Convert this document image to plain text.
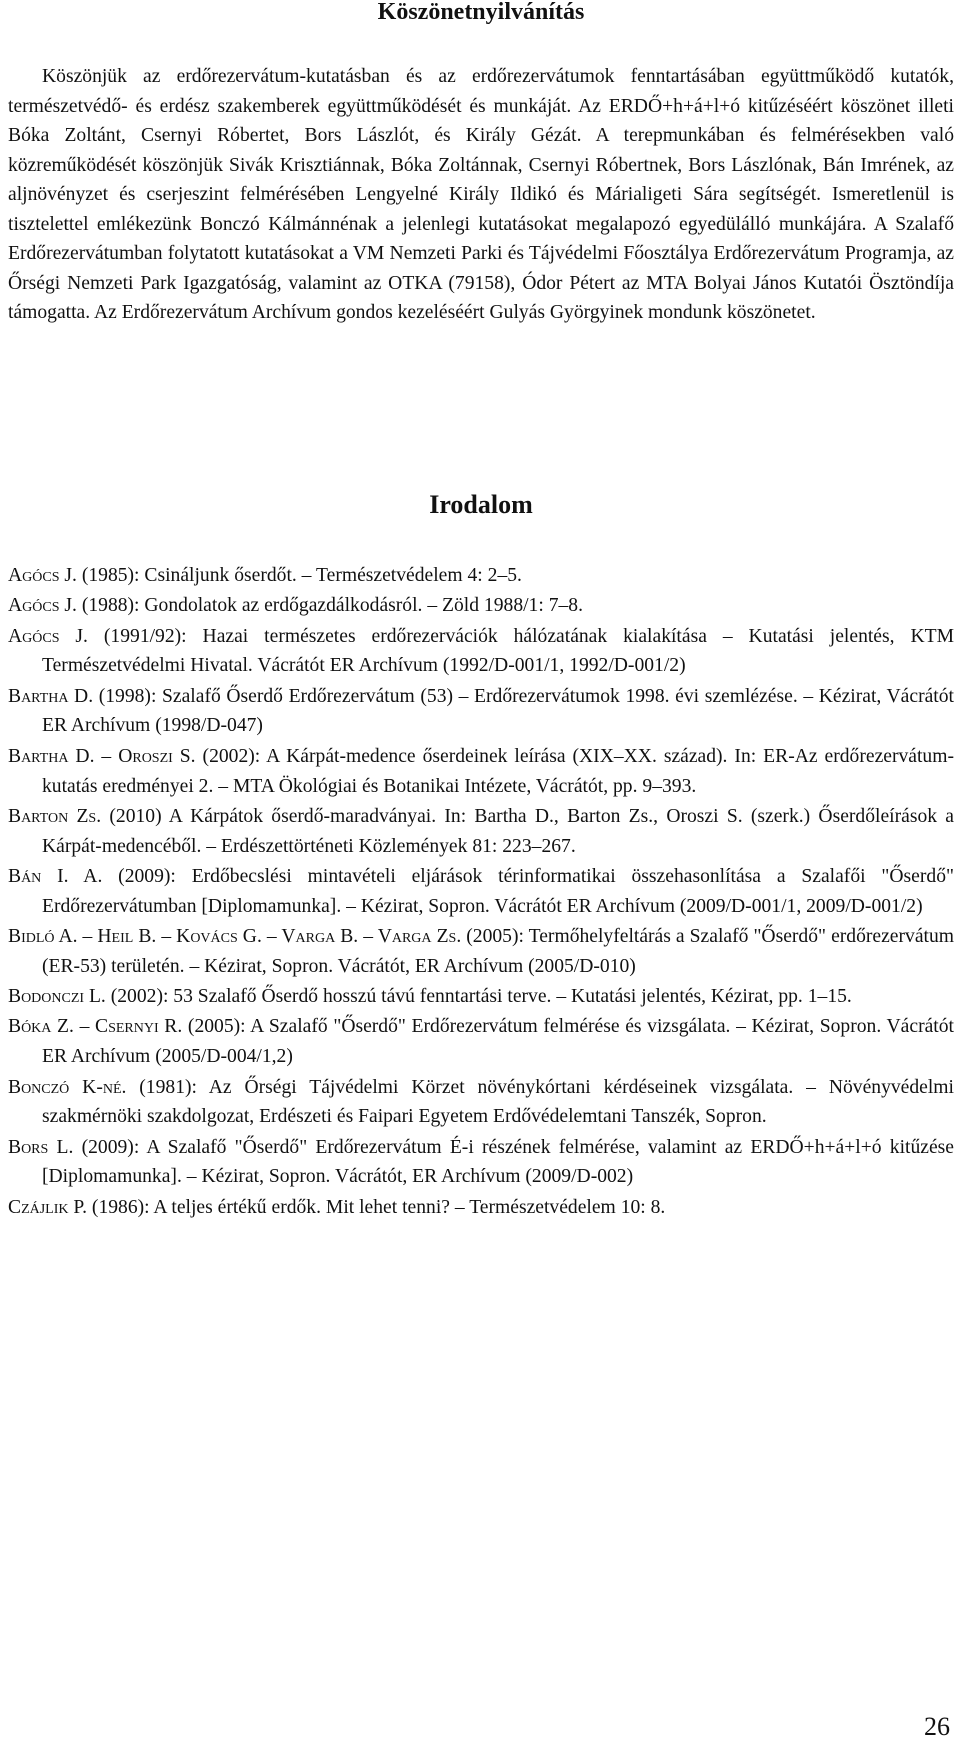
Köszönetnyilvánítás

Köszönjük az erdőrezervátum-kutatásban és az erdőrezervátumok fenntartásában együttműködő kutatók, természetvédő- és erdész szakemberek együttműködését és munkáját. Az ERDŐ+h+á+l+ó kitűzéséért köszönet illeti Bóka Zoltánt, Csernyi Róbertet, Bors Lászlót, és Király Gézát. A terepmunkában és felmérésekben való közreműködését köszönjük Sivák Krisztiánnak, Bóka Zoltánnak, Csernyi Róbertnek, Bors Lászlónak, Bán Imrének, az aljnövényzet és cserjeszint felmérésében Lengyelné Király Ildikó és Márialigeti Sára segítségét. Ismeretlenül is tisztelettel emlékezünk Bonczó Kálmánnénak a jelenlegi kutatásokat megalapozó egyedülálló munkájára. A Szalafő Erdőrezervátumban folytatott kutatásokat a VM Nemzeti Parki és Tájvédelmi Főosztálya Erdőrezervátum Programja, az Őrségi Nemzeti Park Igazgatóság, valamint az OTKA (79158), Ódor Pétert az MTA Bolyai János Kutatói Ösztöndíja támogatta. Az Erdőrezervátum Archívum gondos kezeléséért Gulyás Györgyinek mondunk köszönetet.

Irodalom
Agócs J. (1985): Csináljunk őserdőt. – Természetvédelem 4: 2–5.
Agócs J. (1988): Gondolatok az erdőgazdálkodásról. – Zöld 1988/1: 7–8.
Agócs J. (1991/92): Hazai természetes erdőrezervációk hálózatának kialakítása – Kutatási jelentés, KTM Természetvédelmi Hivatal. Vácrátót ER Archívum (1992/D-001/1, 1992/D-001/2)
Bartha D. (1998): Szalafő Őserdő Erdőrezervátum (53) – Erdőrezervátumok 1998. évi szemlézése. – Kézirat, Vácrátót ER Archívum (1998/D-047)
Bartha D. – Oroszi S. (2002): A Kárpát-medence őserdeinek leírása (XIX–XX. század). In: ER-Az erdőrezervátum-kutatás eredményei 2. – MTA Ökológiai és Botanikai Intézete, Vácrátót, pp. 9–393.
Barton Zs. (2010) A Kárpátok őserdő-maradványai. In: Bartha D., Barton Zs., Oroszi S. (szerk.) Őserdőleírások a Kárpát-medencéből. – Erdészettörténeti Közlemények 81: 223–267.
Bán I. A. (2009): Erdőbecslési mintavételi eljárások térinformatikai összehasonlítása a Szalafői "Őserdő" Erdőrezervátumban [Diplomamunka]. – Kézirat, Sopron. Vácrátót ER Archívum (2009/D-001/1, 2009/D-001/2)
Bidló A. – Heil B. – Kovács G. – Varga B. – Varga Zs. (2005): Termőhelyfeltárás a Szalafő "Őserdő" erdőrezervátum (ER-53) területén. – Kézirat, Sopron. Vácrátót, ER Archívum (2005/D-010)
Bodonczi L. (2002): 53 Szalafő Őserdő hosszú távú fenntartási terve. – Kutatási jelentés, Kézirat, pp. 1–15.
Bóka Z. – Csernyi R. (2005): A Szalafő "Őserdő" Erdőrezervátum felmérése és vizsgálata. – Kézirat, Sopron. Vácrátót ER Archívum (2005/D-004/1,2)
Bonczó K-né. (1981): Az Őrségi Tájvédelmi Körzet növénykórtani kérdéseinek vizsgálata. – Növényvédelmi szakmérnöki szakdolgozat, Erdészeti és Faipari Egyetem Erdővédelemtani Tanszék, Sopron.
Bors L. (2009): A Szalafő "Őserdő" Erdőrezervátum É-i részének felmérése, valamint az ERDŐ+h+á+l+ó kitűzése [Diplomamunka]. – Kézirat, Sopron. Vácrátót, ER Archívum (2009/D-002)
Czájlik P. (1986): A teljes értékű erdők. Mit lehet tenni? – Természetvédelem 10: 8.
26
